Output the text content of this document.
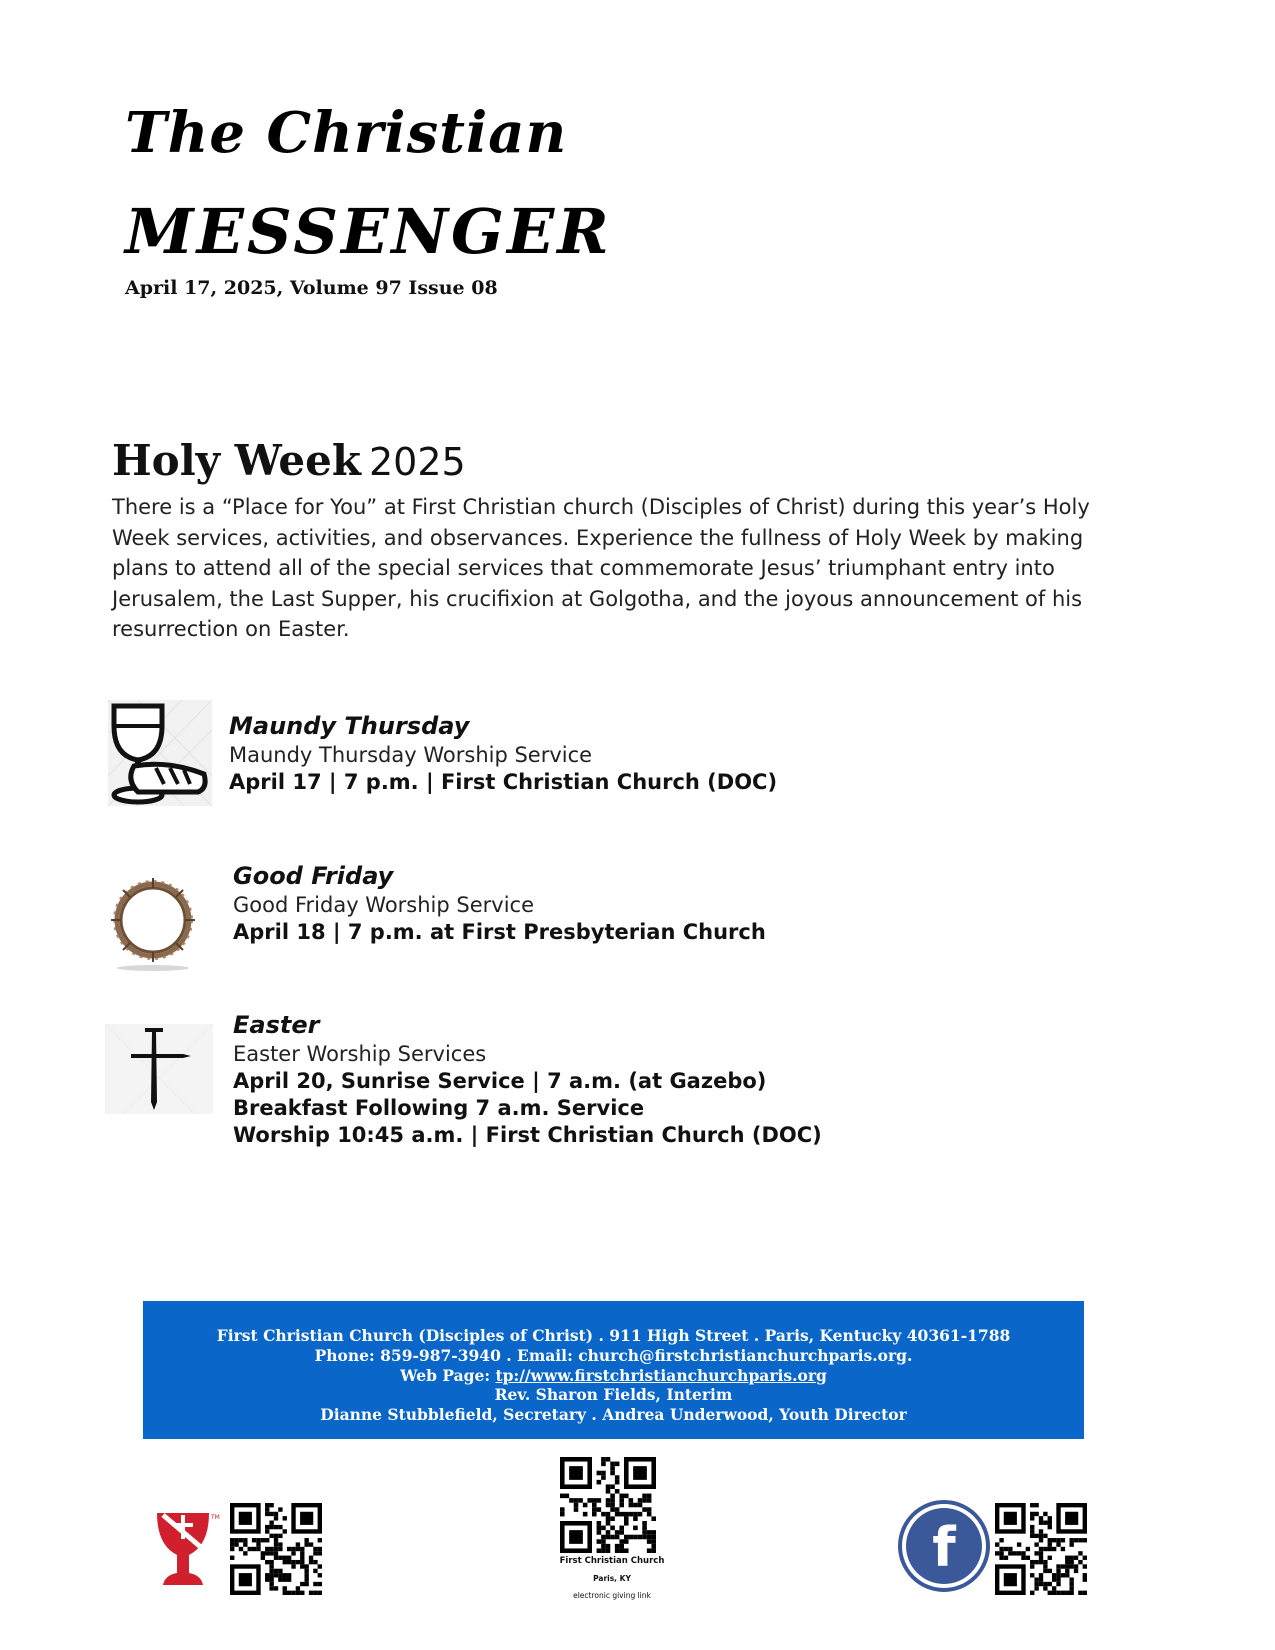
The Christian
MESSENGER
April 17, 2025, Volume 97 Issue 08
Holy Week 2025
There is a “Place for You” at First Christian church (Disciples of Christ) during this year’s Holy Week services, activities, and observances. Experience the fullness of Holy Week by making plans to attend all of the special services that commemorate Jesus’ triumphant entry into Jerusalem, the Last Supper, his crucifixion at Golgotha, and the joyous announcement of his resurrection on Easter.
Maundy Thursday
Maundy Thursday Worship Service
April 17 | 7 p.m. | First Christian Church (DOC)
Good Friday
Good Friday Worship Service
April 18 | 7 p.m. at First Presbyterian Church
Easter
Easter Worship Services
April 20, Sunrise Service | 7 a.m. (at Gazebo)
Breakfast Following 7 a.m. Service
Worship 10:45 a.m. | First Christian Church (DOC)
First Christian Church (Disciples of Christ) . 911 High Street . Paris, Kentucky 40361-1788
Phone: 859-987-3940 . Email: church@firstchristianchurchparis.org.
Web Page: tp://www.firstchristianchurchparis.org
Rev. Sharon Fields, Interim
Dianne Stubblefield, Secretary . Andrea Underwood, Youth Director
TM
First Christian Church
Paris, KY
electronic giving link
f
